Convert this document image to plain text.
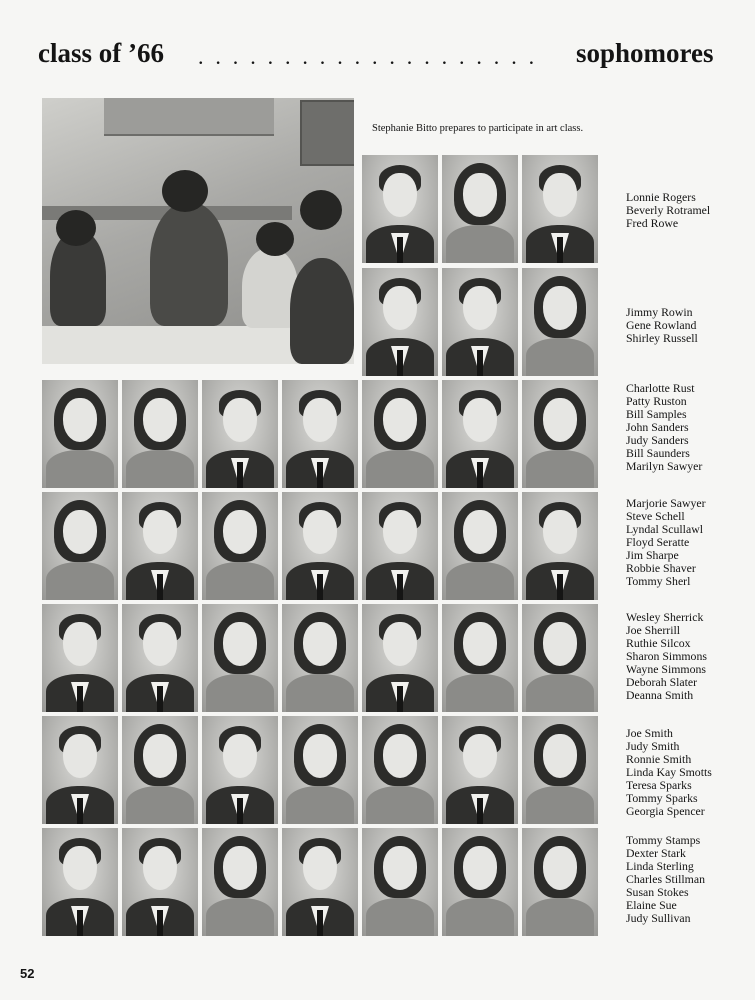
class of ’66 . . . . . . . . . . . . . . . . . . . . sophomores
Stephanie Bitto prepares to participate in art class.
Lonnie Rogers
Beverly Rotramel
Fred Rowe
Jimmy Rowin
Gene Rowland
Shirley Russell
Charlotte Rust
Patty Ruston
Bill Samples
John Sanders
Judy Sanders
Bill Saunders
Marilyn Sawyer
Marjorie Sawyer
Steve Schell
Lyndal Scullawl
Floyd Seratte
Jim Sharpe
Robbie Shaver
Tommy Sherl
Wesley Sherrick
Joe Sherrill
Ruthie Silcox
Sharon Simmons
Wayne Simmons
Deborah Slater
Deanna Smith
Joe Smith
Judy Smith
Ronnie Smith
Linda Kay Smotts
Teresa Sparks
Tommy Sparks
Georgia Spencer
Tommy Stamps
Dexter Stark
Linda Sterling
Charles Stillman
Susan Stokes
Elaine Sue
Judy Sullivan
52
